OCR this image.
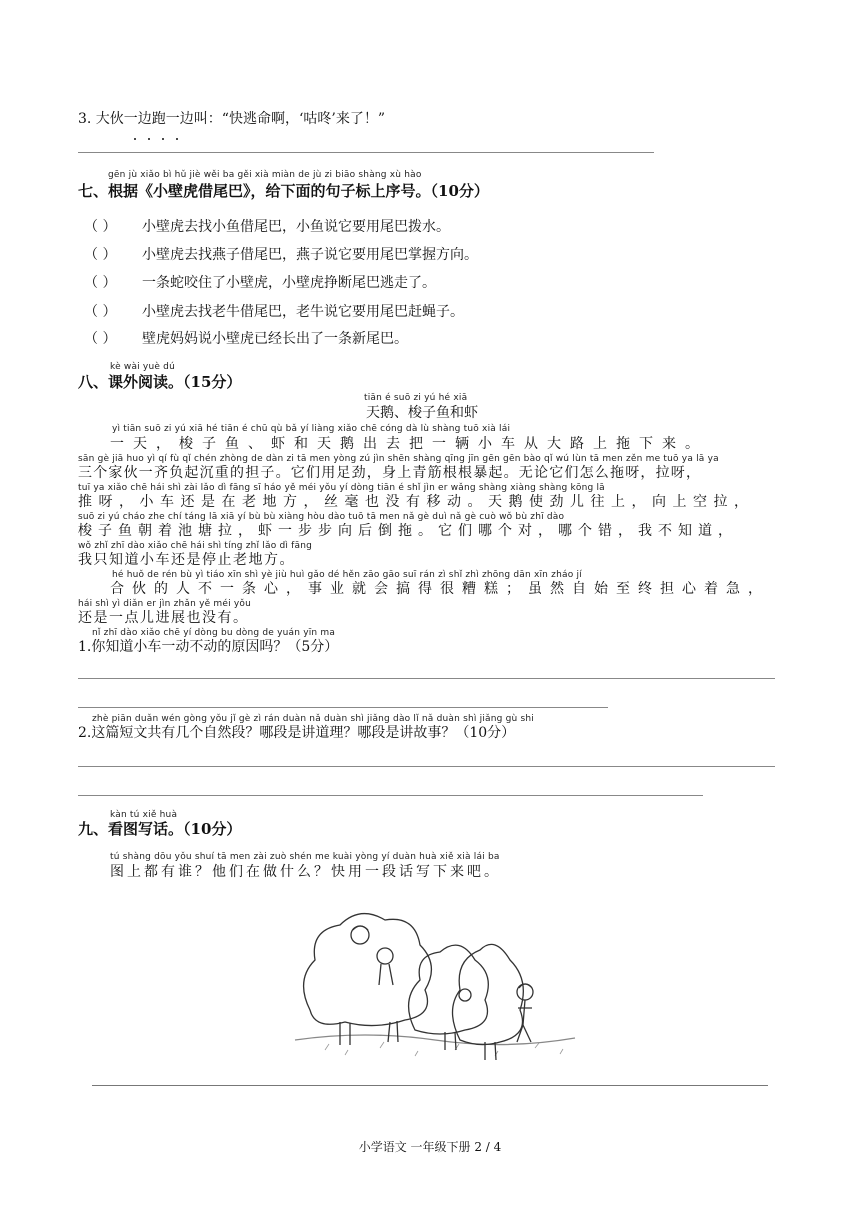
3. 大伙一边跑一边叫：“快逃命啊，‘咕咚’来了！”
gēn jù xiǎo bì hǔ jiè wěi ba gěi xià miàn de jù zi biāo shàng xù hào
七、根据《小壁虎借尾巴》，给下面的句子标上序号。（10分）
（ ） 小壁虎去找小鱼借尾巴，小鱼说它要用尾巴拨水。
（ ） 小壁虎去找燕子借尾巴，燕子说它要用尾巴掌握方向。
（ ） 一条蛇咬住了小壁虎，小壁虎挣断尾巴逃走了。
（ ） 小壁虎去找老牛借尾巴，老牛说它要用尾巴赶蝇子。
（ ） 壁虎妈妈说小壁虎已经长出了一条新尾巴。
kè wài yuè dú
八、课外阅读。（15分）
tiān é suō zi yú hé xiā
天鹅、梭子鱼和虾
yì tiān suō zi yú xiā hé tiān é chū qù bǎ yí liàng xiǎo chē cóng dà lù shàng tuō xià lái
一天，梭子鱼、虾和天鹅出去把一辆小车从大路上拖下来。
sān gè jiā huo yì qí fù qǐ chén zhòng de dàn zi tā men yòng zú jìn shēn shàng qīng jīn gēn gēn bào qǐ wú lùn tā men zěn me tuō ya lā ya
三个家伙一齐负起沉重的担子。它们用足劲，身上青筋根根暴起。无论它们怎么拖呀，拉呀，
tuī ya xiǎo chē hái shì zài lǎo dì fāng sī háo yě méi yǒu yí dòng tiān é shǐ jìn er wǎng shàng xiàng shàng kōng lā
推呀，小车还是在老地方，丝毫也没有移动。天鹅使劲儿往上，向上空拉，
suō zi yú cháo zhe chí táng lā xiā yí bù bù xiàng hòu dào tuō tā men nǎ gè duì nǎ gè cuò wǒ bù zhī dào
梭子鱼朝着池塘拉，虾一步步向后倒拖。它们哪个对，哪个错，我不知道，
wǒ zhǐ zhī dào xiǎo chē hái shì tíng zhǐ lǎo dì fāng
我只知道小车还是停止老地方。
hé huǒ de rén bù yì tiáo xīn shì yè jiù huì gǎo dé hěn zāo gāo suī rán zì shǐ zhì zhōng dān xīn zháo jí
合伙的人不一条心，事业就会搞得很糟糕；虽然自始至终担心着急，
hái shì yì diǎn er jìn zhǎn yě méi yǒu
还是一点儿进展也没有。
nǐ zhī dào xiǎo chē yí dòng bu dòng de yuán yīn ma
1.你知道小车一动不动的原因吗？（5分）
zhè piān duǎn wén gòng yǒu jǐ gè zì rán duàn nǎ duàn shì jiǎng dào lǐ nǎ duàn shì jiǎng gù shi
2.这篇短文共有几个自然段？哪段是讲道理？哪段是讲故事？（10分）
kàn tú xiě huà
九、看图写话。（10分）
tú shàng dōu yǒu shuí tā men zài zuò shén me kuài yòng yí duàn huà xiě xià lái ba
图上都有谁？他们在做什么？快用一段话写下来吧。
小学语文 一年级下册 2 / 4
